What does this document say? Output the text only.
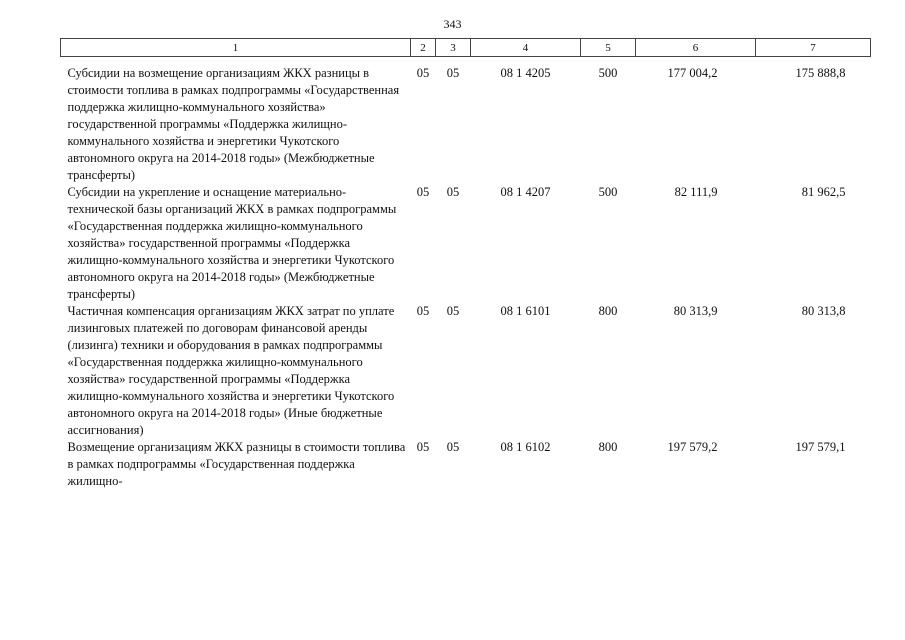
343
1	2	3	4	5	6	7
Субсидии на возмещение организациям ЖКХ разницы в стоимости топлива в рамках подпрограммы «Государственная поддержка жилищно-коммунального хозяйства» государственной программы «Поддержка жилищно-коммунального хозяйства и энергетики Чукотского автономного округа на 2014-2018 годы» (Межбюджетные трансферты)	05	05	08 1 4205	500	177 004,2	175 888,8
Субсидии на укрепление и оснащение материально-технической базы организаций ЖКХ в рамках подпрограммы «Государственная поддержка жилищно-коммунального хозяйства» государственной программы «Поддержка жилищно-коммунального хозяйства и энергетики Чукотского автономного округа на 2014-2018 годы» (Межбюджетные трансферты)	05	05	08 1 4207	500	82 111,9	81 962,5
Частичная компенсация организациям ЖКХ затрат по уплате лизинговых платежей по договорам финансовой аренды (лизинга) техники и оборудования в рамках подпрограммы «Государственная поддержка жилищно-коммунального хозяйства» государственной программы «Поддержка жилищно-коммунального хозяйства и энергетики Чукотского автономного округа на 2014-2018 годы» (Иные бюджетные ассигнования)	05	05	08 1 6101	800	80 313,9	80 313,8
Возмещение организациям ЖКХ разницы в стоимости топлива в рамках подпрограммы «Государственная поддержка жилищно-	05	05	08 1 6102	800	197 579,2	197 579,1
